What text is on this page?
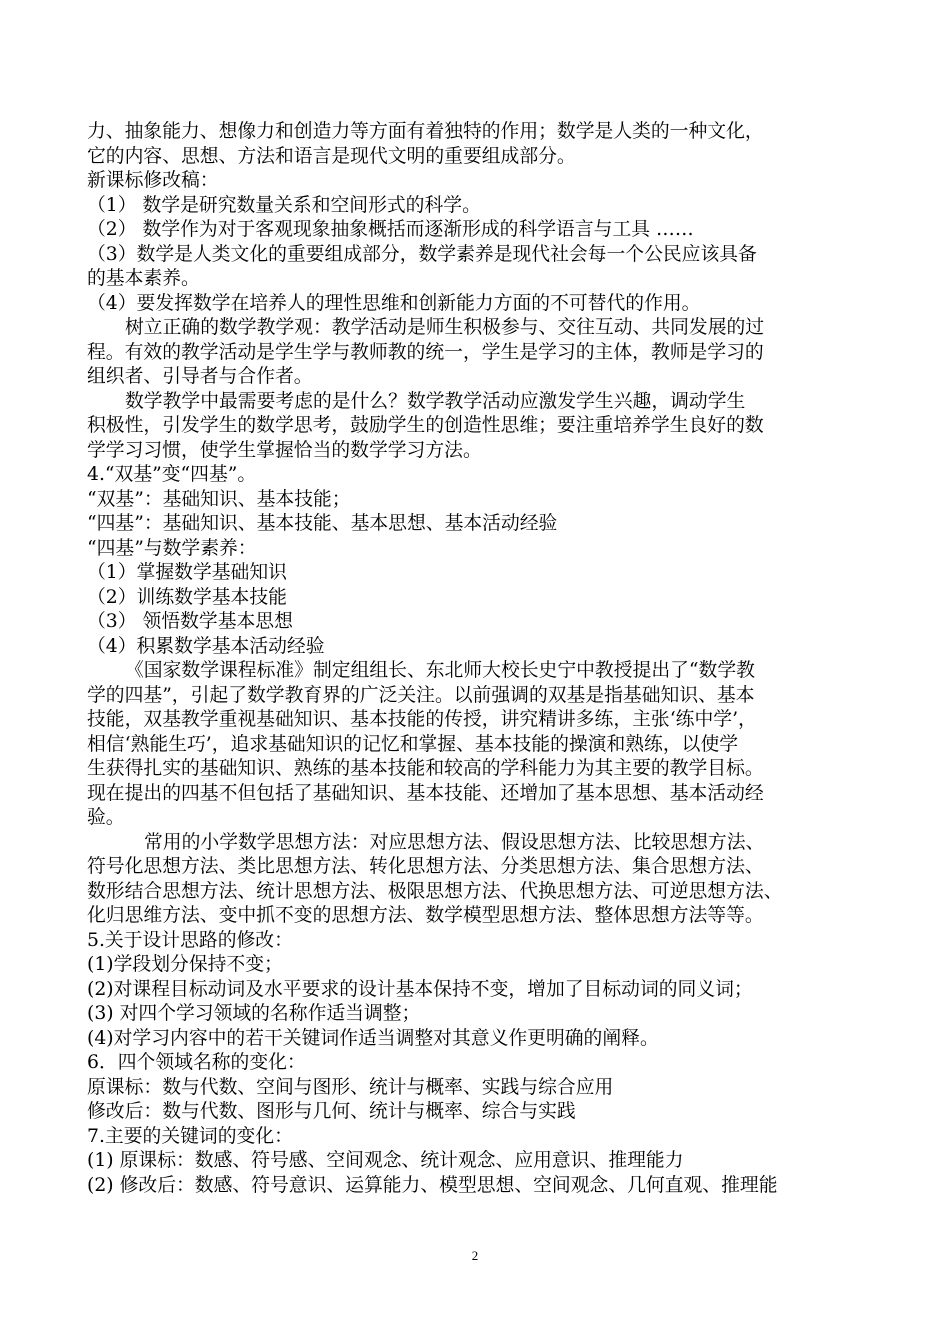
力、抽象能力、想像力和创造力等方面有着独特的作用；数学是人类的一种文化，

它的内容、思想、方法和语言是现代文明的重要组成部分。

新课标修改稿：

（1） 数学是研究数量关系和空间形式的科学。

（2） 数学作为对于客观现象抽象概括而逐渐形成的科学语言与工具 ……

（3）数学是人类文化的重要组成部分，数学素养是现代社会每一个公民应该具备

的基本素养。

（4）要发挥数学在培养人的理性思维和创新能力方面的不可替代的作用。

树立正确的数学教学观：教学活动是师生积极参与、交往互动、共同发展的过

程。有效的教学活动是学生学与教师教的统一，学生是学习的主体，教师是学习的

组织者、引导者与合作者。

数学教学中最需要考虑的是什么？数学教学活动应激发学生兴趣，调动学生

积极性，引发学生的数学思考，鼓励学生的创造性思维；要注重培养学生良好的数

学学习习惯，使学生掌握恰当的数学学习方法。

4.“双基”变“四基”。

“双基”：基础知识、基本技能；

“四基”：基础知识、基本技能、基本思想、基本活动经验

“四基”与数学素养：

（1）掌握数学基础知识

（2）训练数学基本技能

（3） 领悟数学基本思想

（4）积累数学基本活动经验

《国家数学课程标准》制定组组长、东北师大校长史宁中教授提出了“数学教

学的四基”，引起了数学教育界的广泛关注。以前强调的双基是指基础知识、基本

技能，双基教学重视基础知识、基本技能的传授，讲究精讲多练，主张‘练中学’，

相信‘熟能生巧’，追求基础知识的记忆和掌握、基本技能的操演和熟练，以使学

生获得扎实的基础知识、熟练的基本技能和较高的学科能力为其主要的教学目标。

现在提出的四基不但包括了基础知识、基本技能、还增加了基本思想、基本活动经

验。

常用的小学数学思想方法：对应思想方法、假设思想方法、比较思想方法、

符号化思想方法、类比思想方法、转化思想方法、分类思想方法、集合思想方法、

数形结合思想方法、统计思想方法、极限思想方法、代换思想方法、可逆思想方法、

化归思维方法、变中抓不变的思想方法、数学模型思想方法、整体思想方法等等。

5.关于设计思路的修改：

(1)学段划分保持不变；

(2)对课程目标动词及水平要求的设计基本保持不变，增加了目标动词的同义词；

(3) 对四个学习领域的名称作适当调整；

(4)对学习内容中的若干关键词作适当调整对其意义作更明确的阐释。

6．四个领域名称的变化：

原课标：数与代数、空间与图形、统计与概率、实践与综合应用

修改后：数与代数、图形与几何、统计与概率、综合与实践

7.主要的关键词的变化：

(1) 原课标：数感、符号感、空间观念、统计观念、应用意识、推理能力

(2) 修改后：数感、符号意识、运算能力、模型思想、空间观念、几何直观、推理能

2
